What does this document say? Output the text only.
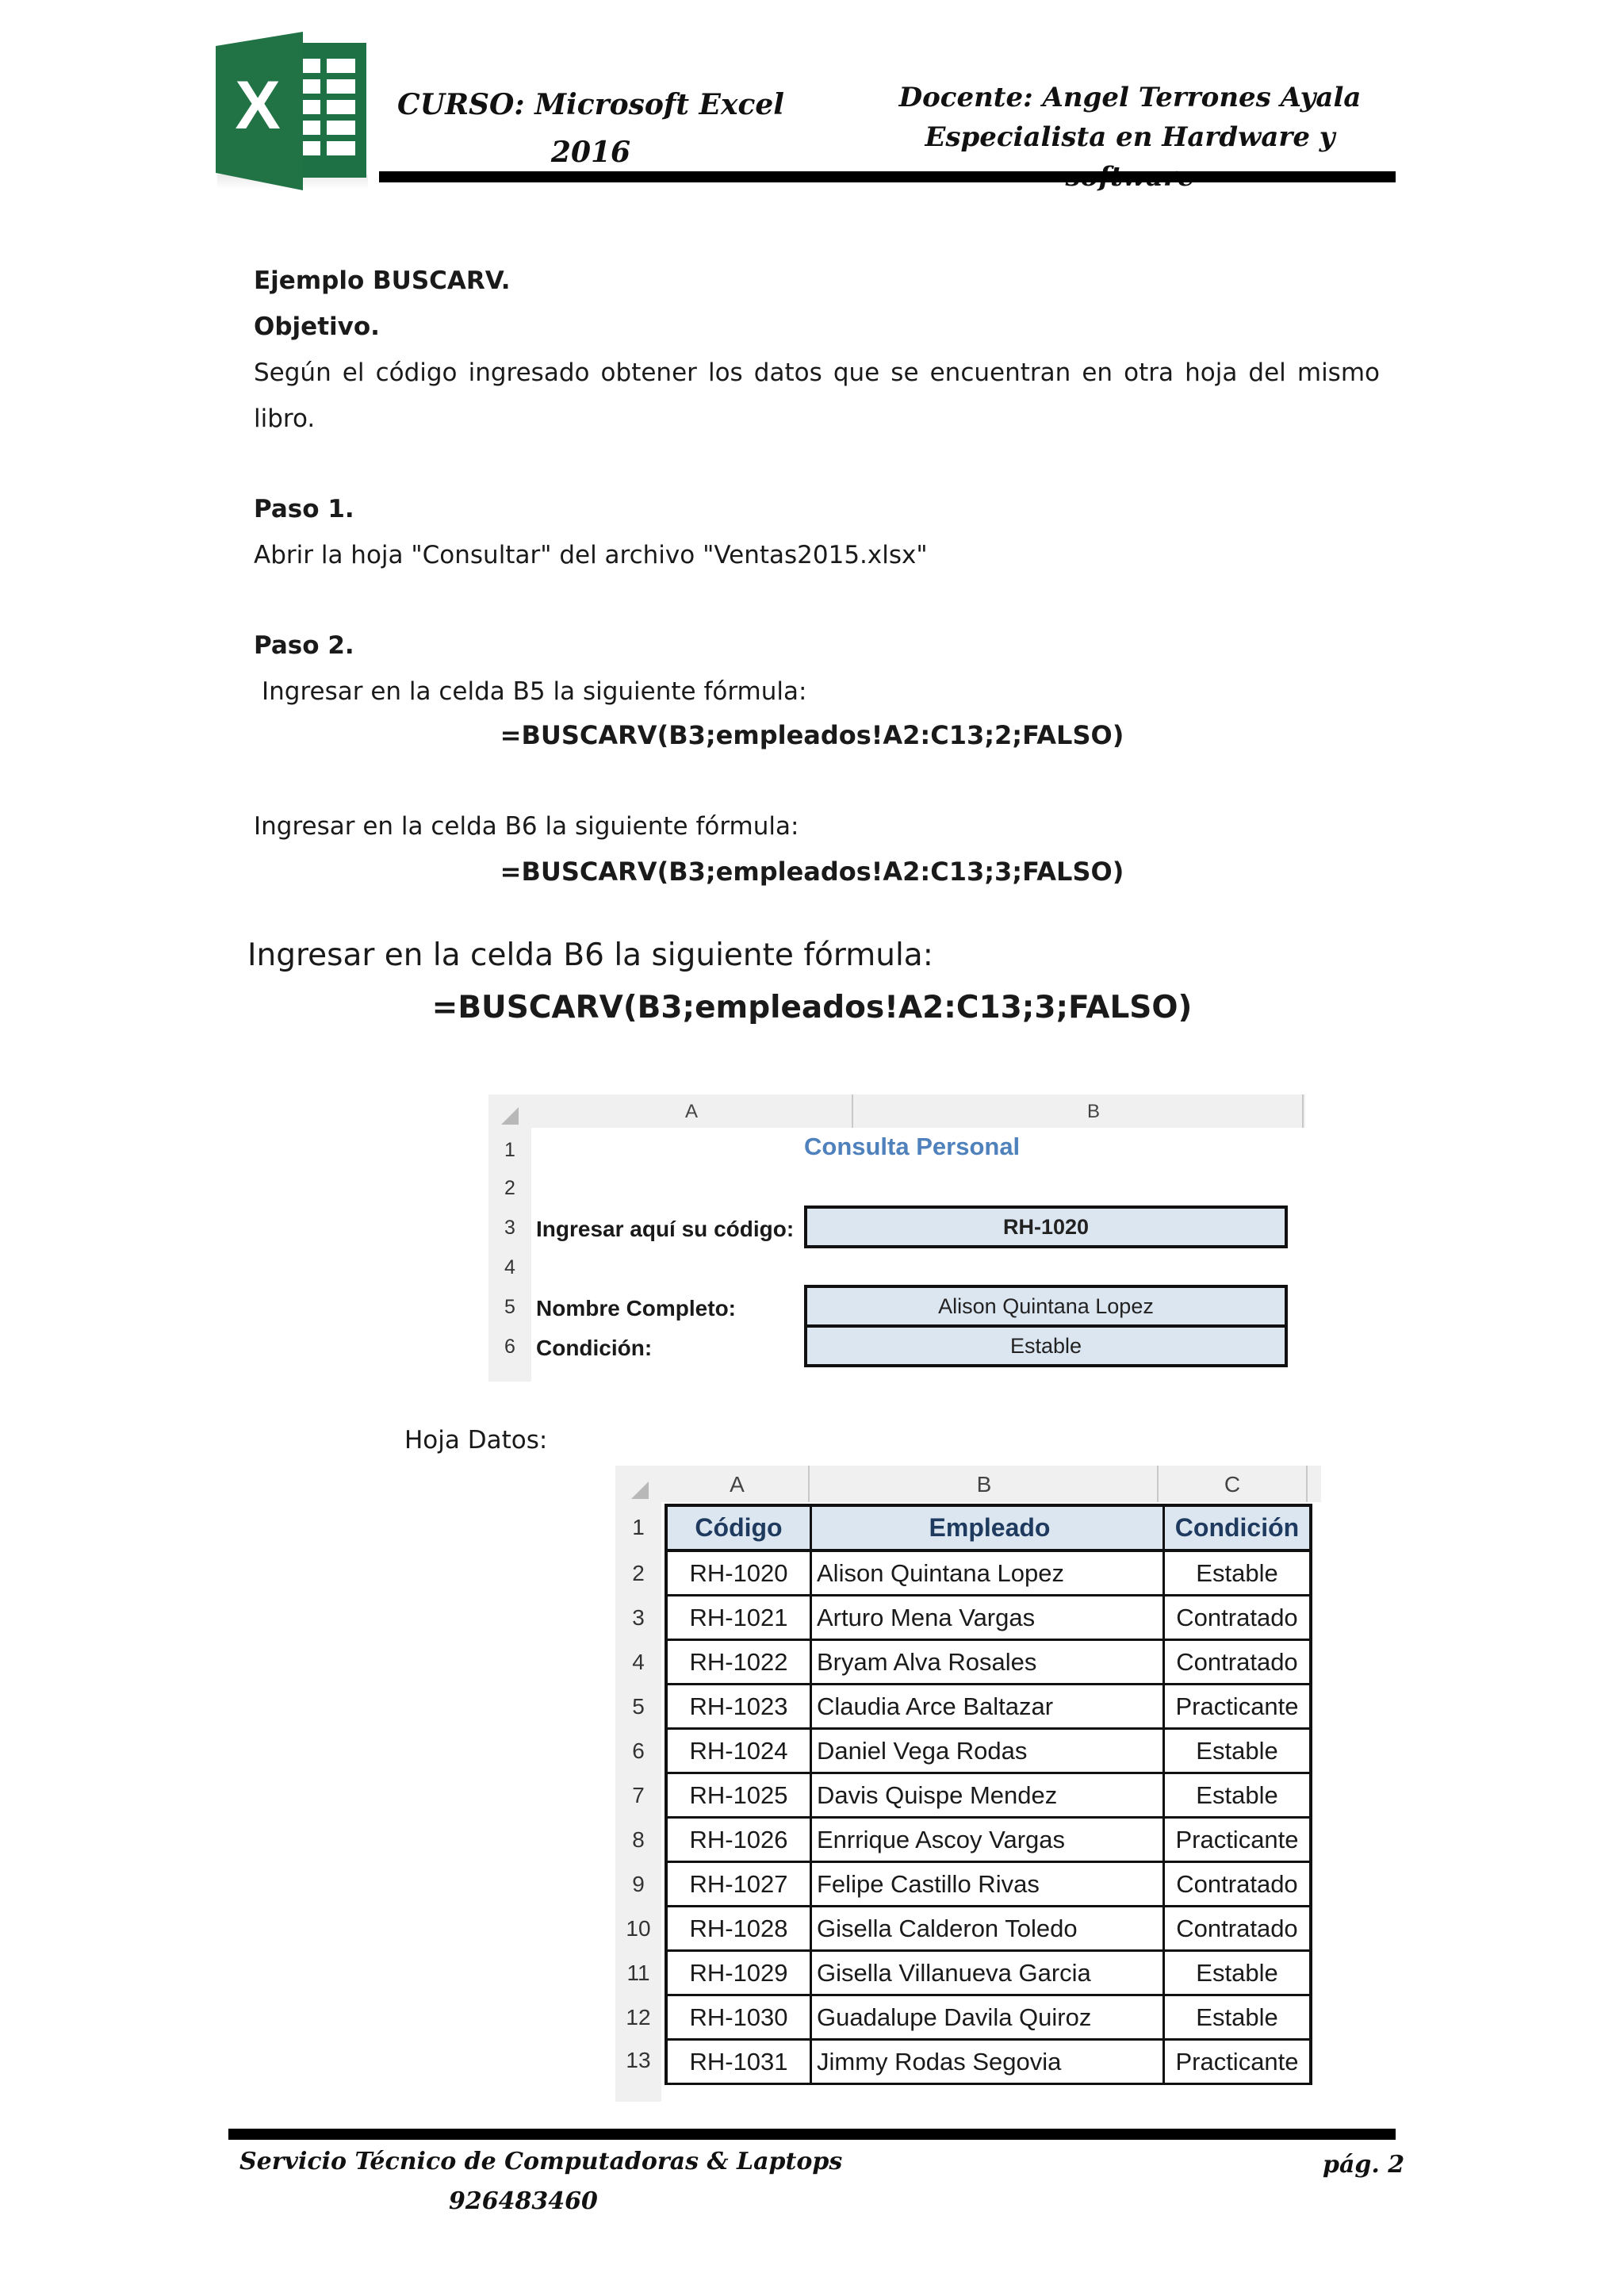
X	CURSO: Microsoft Excel
2016
Docente: Angel Terrones Ayala
Especialista en Hardware y
Ejemplo BUSCARV.
Objetivo.
Según el código ingresado obtener los datos que se encuentran en otra hoja del mismo
libro.
Paso 1.
Abrir la hoja "Consultar" del archivo "Ventas2015.xlsx"
Paso 2.
Ingresar en la celda B5 la siguiente fórmula:
=BUSCARV(B3;empleados!A2:C13;2;FALSO)
Ingresar en la celda B6 la siguiente fórmula:
=BUSCARV(B3;empleados!A2:C13;3;FALSO)
Ingresar en la celda B6 la siguiente fórmula:
=BUSCARV(B3;empleados!A2:C13;3;FALSO)
A	B
1
2
3
4
5
6
Consulta Personal
Ingresar aquí su código:	RH-1020
Nombre Completo:	Alison Quintana Lopez
Condición:	Estable
Hoja Datos:
A	B	C
1
2
3
4
5
6
7
8
9
10
11
12
13
Código	Empleado	Condición
RH-1020	Alison Quintana Lopez	Estable
RH-1021	Arturo Mena Vargas	Contratado
RH-1022	Bryam Alva Rosales	Contratado
RH-1023	Claudia Arce Baltazar	Practicante
RH-1024	Daniel Vega Rodas	Estable
RH-1025	Davis Quispe Mendez	Estable
RH-1026	Enrrique Ascoy Vargas	Practicante
RH-1027	Felipe Castillo Rivas	Contratado
RH-1028	Gisella Calderon Toledo	Contratado
RH-1029	Gisella Villanueva Garcia	Estable
RH-1030	Guadalupe Davila Quiroz	Estable
RH-1031	Jimmy Rodas Segovia	Practicante
Servicio Técnico de Computadoras & Laptops
926483460
pág. 2
